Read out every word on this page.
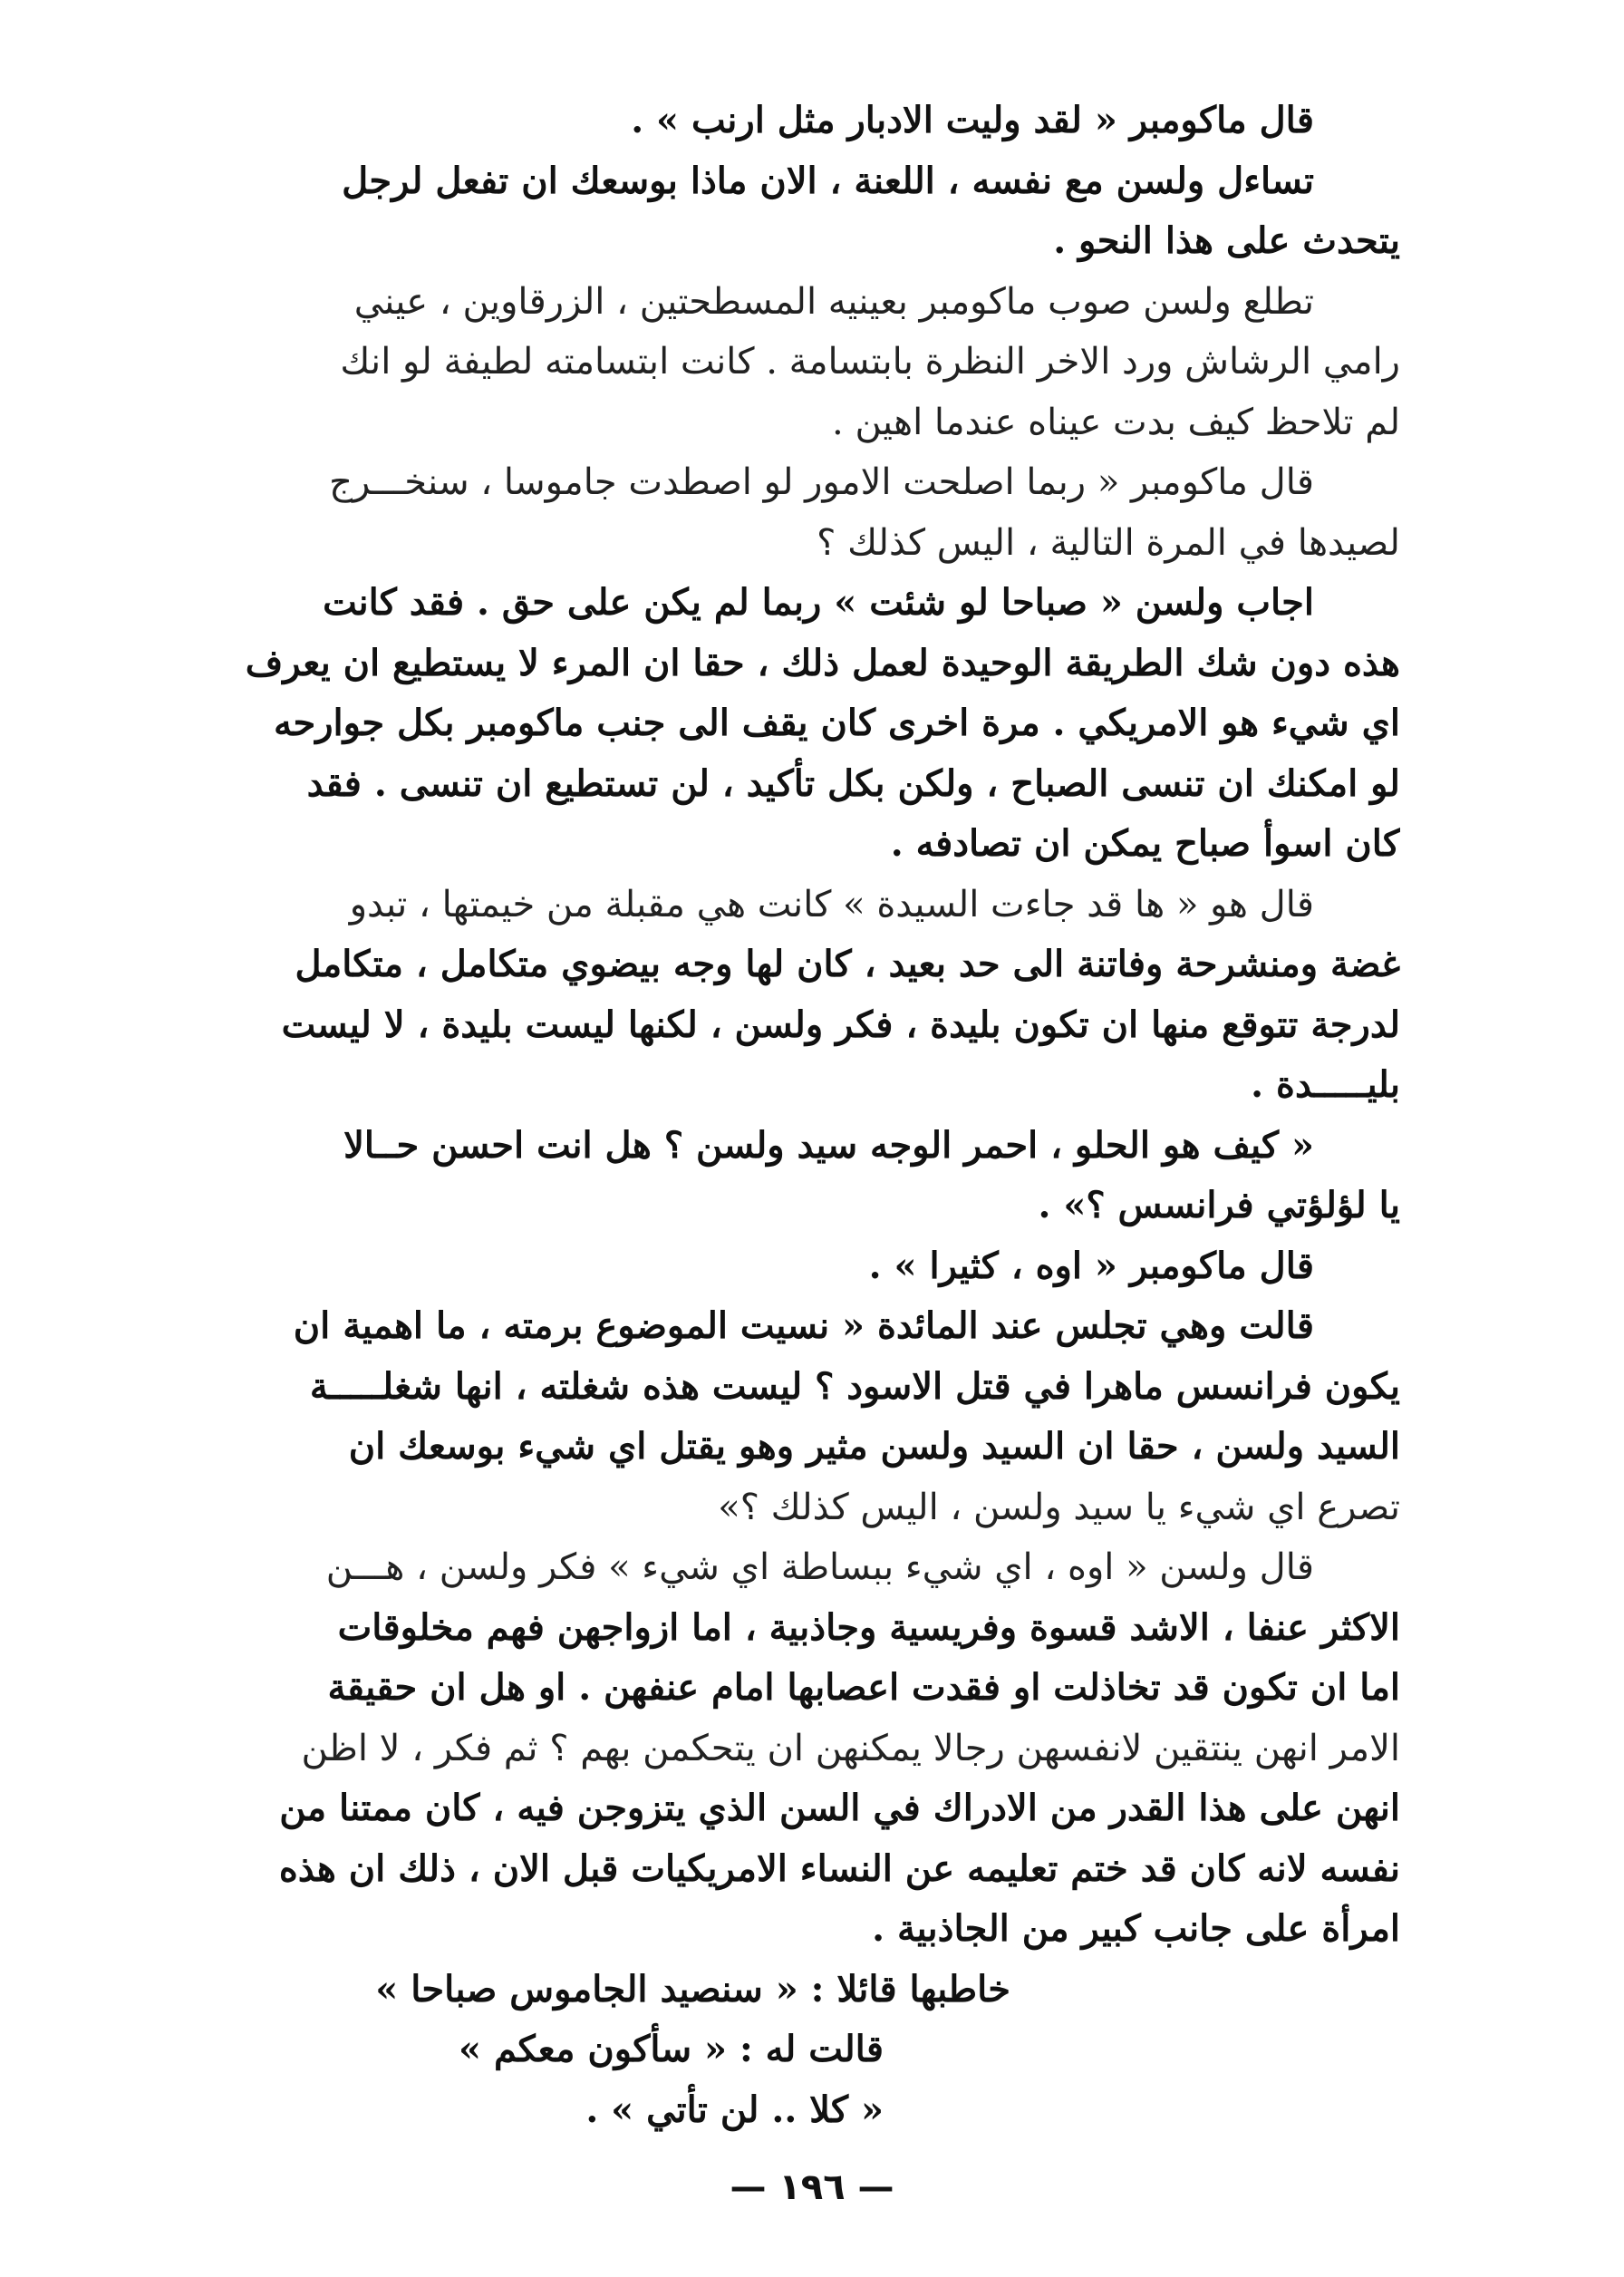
قال ماكومبر « لقد وليت الادبار مثل ارنب » .
تساءل ولسن مع نفسه ، اللعنة ، الان ماذا بوسعك ان تفعل لرجل
يتحدث على هذا النحو .
تطلع ولسن صوب ماكومبر بعينيه المسطحتين ، الزرقاوين ، عيني
رامي الرشاش ورد الاخر النظرة بابتسامة . كانت ابتسامته لطيفة لو انك
لم تلاحظ كيف بدت عيناه عندما اهين .
قال ماكومبر « ربما اصلحت الامور لو اصطدت جاموسا ، سنخـــرج
لصيدها في المرة التالية ، اليس كذلك ؟
اجاب ولسن « صباحا لو شئت » ربما لم يكن على حق . فقد كانت
هذه دون شك الطريقة الوحيدة لعمل ذلك ، حقا ان المرء لا يستطيع ان يعرف
اي شيء هو الامريكي . مرة اخرى كان يقف الى جنب ماكومبر بكل جوارحه
لو امكنك ان تنسى الصباح ، ولكن بكل تأكيد ، لن تستطيع ان تنسى . فقد
كان اسوأ صباح يمكن ان تصادفه .
قال هو « ها قد جاءت السيدة » كانت هي مقبلة من خيمتها ، تبدو
غضة ومنشرحة وفاتنة الى حد بعيد ، كان لها وجه بيضوي متكامل ، متكامل
لدرجة تتوقع منها ان تكون بليدة ، فكر ولسن ، لكنها ليست بليدة ، لا ليست
بليـــــدة .
« كيف هو الحلو ، احمر الوجه سيد ولسن ؟ هل انت احسن حــالا
يا لؤلؤتي فرانسس ؟» .
قال ماكومبر « اوه ، كثيرا » .
قالت وهي تجلس عند المائدة « نسيت الموضوع برمته ، ما اهمية ان
يكون فرانسس ماهرا في قتل الاسود ؟ ليست هذه شغلته ، انها شغلـــــة
السيد ولسن ، حقا ان السيد ولسن مثير وهو يقتل اي شيء بوسعك ان
تصرع اي شيء يا سيد ولسن ، اليس كذلك ؟»
قال ولسن « اوه ، اي شيء ببساطة اي شيء » فكر ولسن ، هـــن
الاكثر عنفا ، الاشد قسوة وفريسية وجاذبية ، اما ازواجهن فهم مخلوقات
اما ان تكون قد تخاذلت او فقدت اعصابها امام عنفهن . او هل ان حقيقة
الامر انهن ينتقين لانفسهن رجالا يمكنهن ان يتحكمن بهم ؟ ثم فكر ، لا اظن
انهن على هذا القدر من الادراك في السن الذي يتزوجن فيه ، كان ممتنا من
نفسه لانه كان قد ختم تعليمه عن النساء الامريكيات قبل الان ، ذلك ان هذه
امرأة على جانب كبير من الجاذبية .
خاطبها قائلا : « سنصيد الجاموس صباحا »
قالت له : « سأكون معكم »
« كلا .. لن تأتي » .
— ١٩٦ —
